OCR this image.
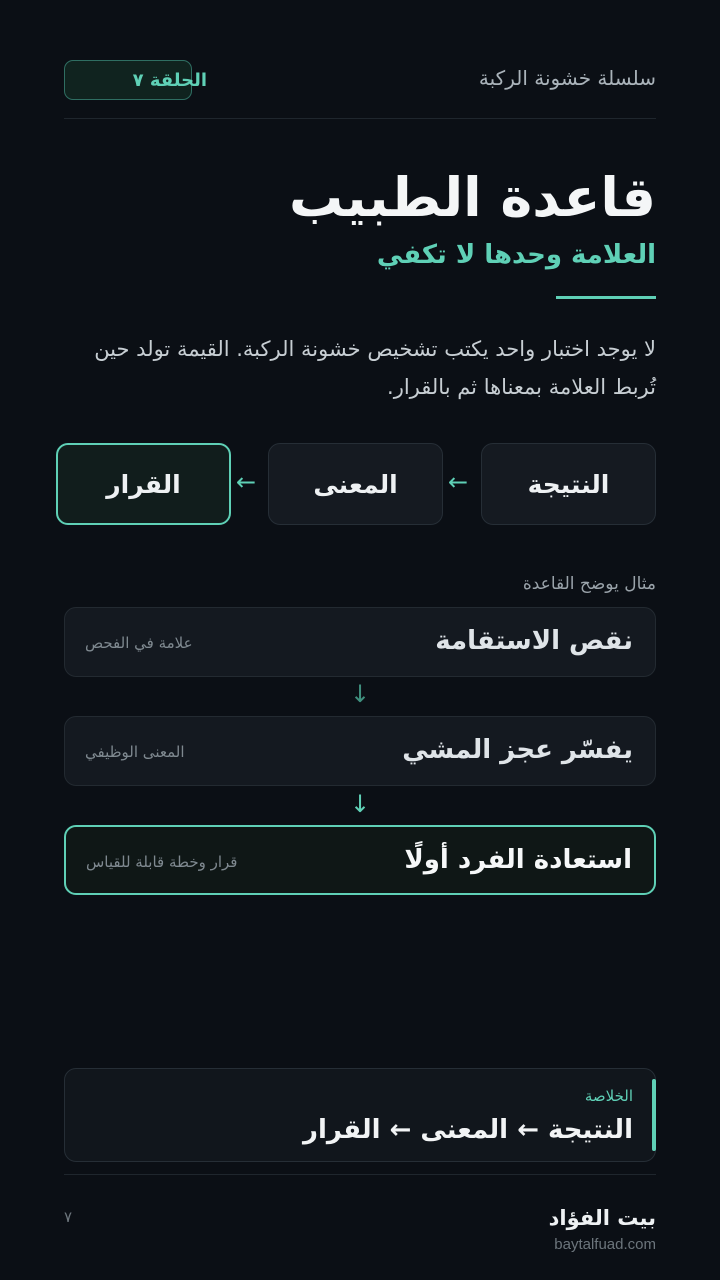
سلسلة خشونة الركبة
الحلقة ٧
قاعدة الطبيب
العلامة وحدها لا تكفي
لا يوجد اختبار واحد يكتب تشخيص خشونة الركبة. القيمة تولد حين تُربط العلامة بمعناها ثم بالقرار.
النتيجة
←
المعنى
←
القرار
مثال يوضح القاعدة
نقص الاستقامة
علامة في الفحص
↓
يفسّر عجز المشي
المعنى الوظيفي
↓
استعادة الفرد أولًا
قرار وخطة قابلة للقياس
الخلاصة
النتيجة ← المعنى ← القرار
بيت الفؤاد
baytalfuad.com
٧
